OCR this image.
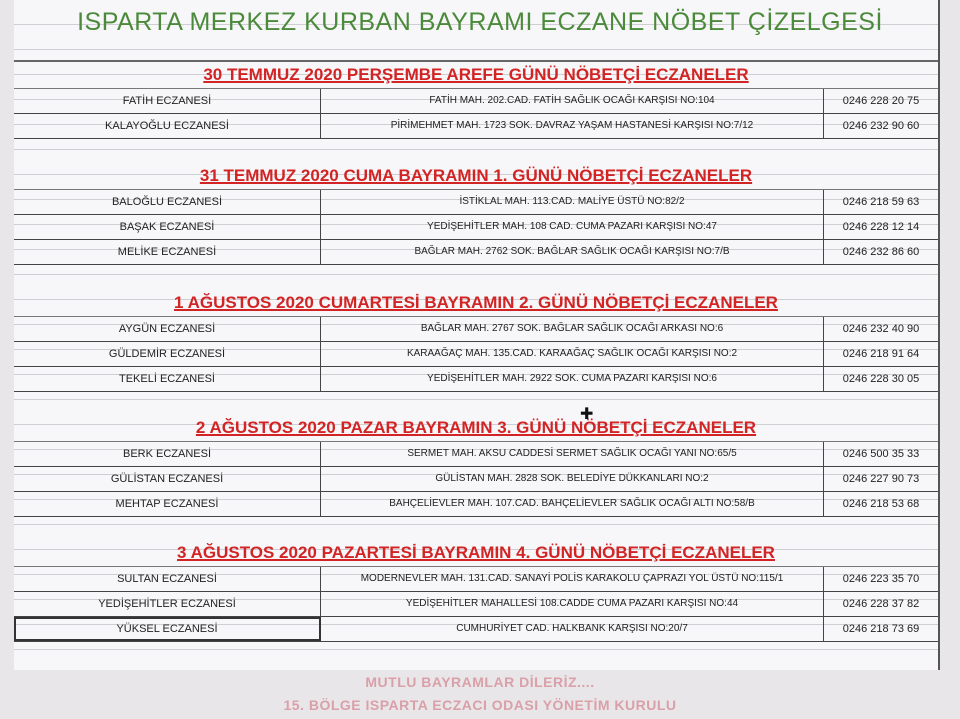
ISPARTA MERKEZ KURBAN BAYRAMI ECZANE NÖBET ÇİZELGESİ
30 TEMMUZ 2020 PERŞEMBE AREFE GÜNÜ NÖBETÇİ ECZANELER
FATİH ECZANESİ	FATİH MAH. 202.CAD. FATİH SAĞLIK OCAĞI KARŞISI NO:104	0246 228 20 75
KALAYOĞLU ECZANESİ	PİRİMEHMET MAH. 1723 SOK. DAVRAZ YAŞAM HASTANESİ KARŞISI NO:7/12	0246 232 90 60
31 TEMMUZ 2020 CUMA BAYRAMIN 1. GÜNÜ NÖBETÇİ ECZANELER
BALOĞLU ECZANESİ	İSTİKLAL MAH. 113.CAD. MALİYE ÜSTÜ NO:82/2	0246 218 59 63
BAŞAK ECZANESİ	YEDİŞEHİTLER MAH. 108 CAD. CUMA PAZARI KARŞISI NO:47	0246 228 12 14
MELİKE ECZANESİ	BAĞLAR MAH. 2762 SOK. BAĞLAR SAĞLIK OCAĞI KARŞISI NO:7/B	0246 232 86 60
1 AĞUSTOS 2020 CUMARTESİ BAYRAMIN 2. GÜNÜ NÖBETÇİ ECZANELER
AYGÜN ECZANESİ	BAĞLAR MAH. 2767 SOK. BAĞLAR SAĞLIK OCAĞI ARKASI NO:6	0246 232 40 90
GÜLDEMİR ECZANESİ	KARAAĞAÇ MAH. 135.CAD. KARAAĞAÇ SAĞLIK OCAĞI KARŞISI NO:2	0246 218 91 64
TEKELİ ECZANESİ	YEDİŞEHİTLER MAH. 2922 SOK. CUMA PAZARI KARŞISI NO:6	0246 228 30 05
2 AĞUSTOS 2020 PAZAR BAYRAMIN 3. GÜNÜ NÖBETÇİ ECZANELER
BERK ECZANESİ	SERMET MAH. AKSU CADDESİ SERMET SAĞLIK OCAĞI YANI NO:65/5	0246 500 35 33
GÜLİSTAN ECZANESİ	GÜLİSTAN MAH. 2828 SOK. BELEDİYE DÜKKANLARI NO:2	0246 227 90 73
MEHTAP ECZANESİ	BAHÇELİEVLER MAH. 107.CAD. BAHÇELİEVLER SAĞLIK OCAĞI ALTI NO:58/B	0246 218 53 68
3 AĞUSTOS 2020 PAZARTESİ BAYRAMIN 4. GÜNÜ NÖBETÇİ ECZANELER
SULTAN ECZANESİ	MODERNEVLER MAH. 131.CAD. SANAYİ POLİS KARAKOLU ÇAPRAZI YOL ÜSTÜ NO:115/1	0246 223 35 70
YEDİŞEHİTLER ECZANESİ	YEDİŞEHİTLER MAHALLESİ 108.CADDE CUMA PAZARI KARŞISI NO:44	0246 228 37 82
YÜKSEL ECZANESİ	CUMHURİYET CAD. HALKBANK KARŞISI NO:20/7	0246 218 73 69
✚
MUTLU BAYRAMLAR DİLERİZ....
15. BÖLGE ISPARTA ECZACI ODASI YÖNETİM KURULU
